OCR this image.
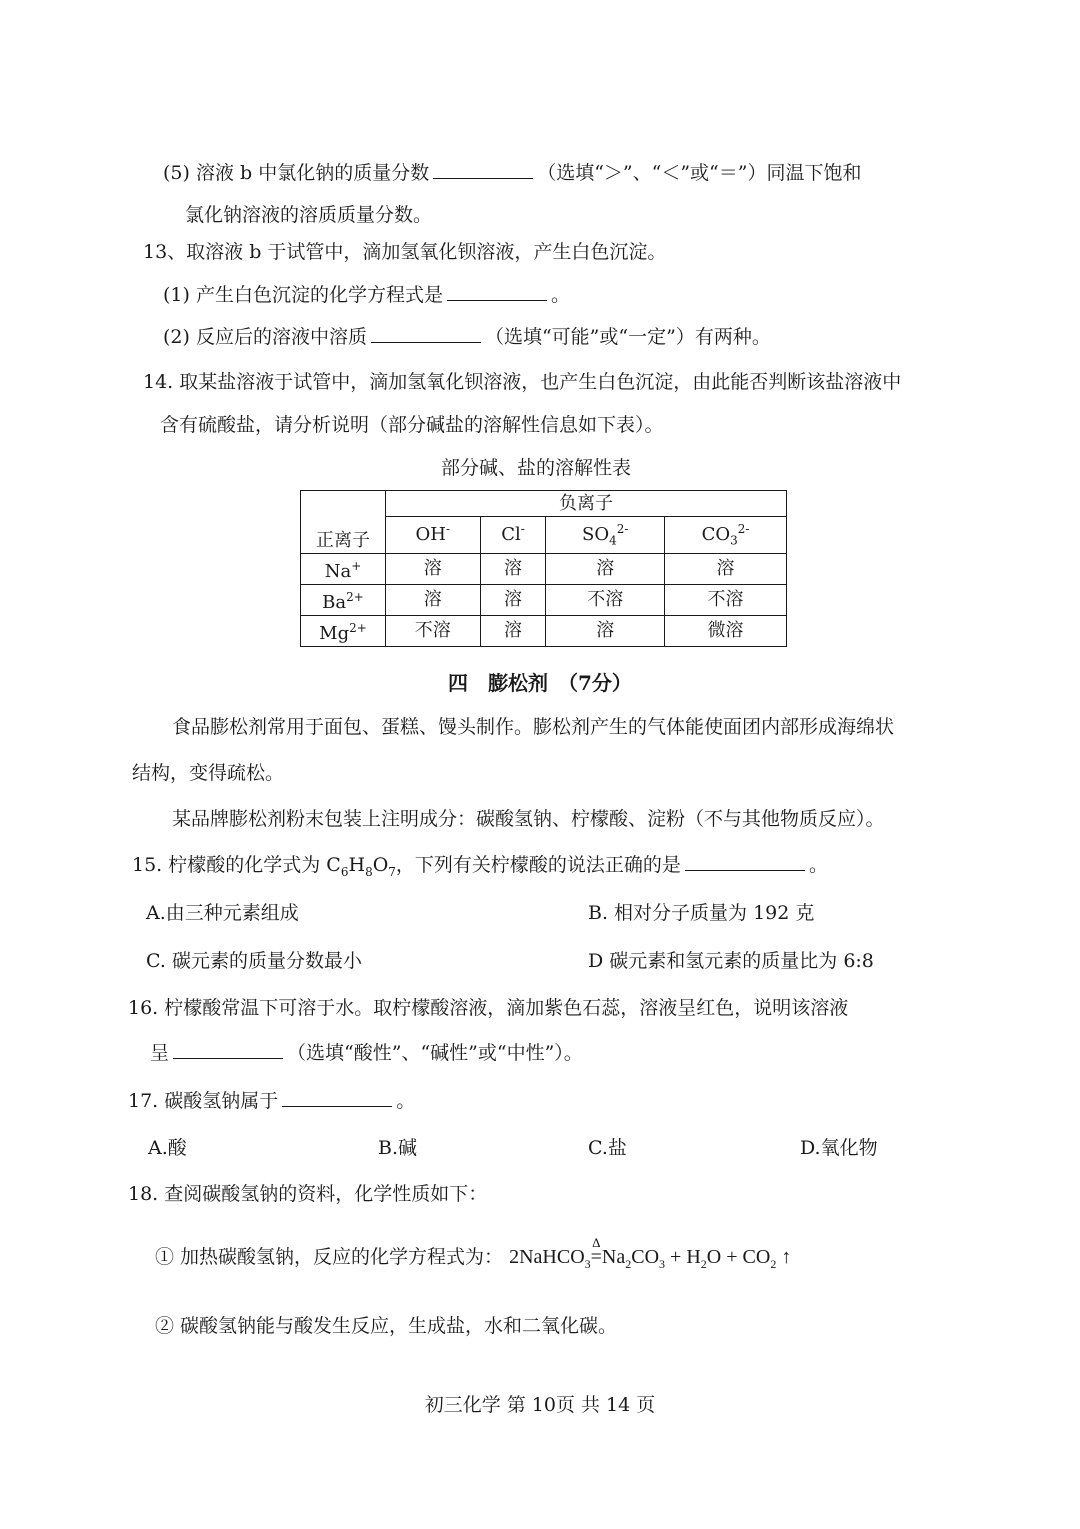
(5) 溶液 b 中氯化钠的质量分数	（选填“＞”、“＜”或“＝”）同温下饱和
氯化钠溶液的溶质质量分数。
13、取溶液 b 于试管中，滴加氢氧化钡溶液，产生白色沉淀。
(1) 产生白色沉淀的化学方程式是	。
(2) 反应后的溶液中溶质	（选填“可能”或“一定”）有两种。
14. 取某盐溶液于试管中，滴加氢氧化钡溶液，也产生白色沉淀，由此能否判断该盐溶液中
含有硫酸盐，请分析说明（部分碱盐的溶解性信息如下表）。
部分碱、盐的溶解性表
正离子	负离子			
	OH-	Cl-	$SO_4^{2-}$	$CO_3^{2-}$
Na+	溶	溶	溶	溶
$Ba^{2+}$	溶	溶	不溶	不溶
$Mg^{2+}$	不溶	溶	溶	微溶
四　膨松剂　（7分）
食品膨松剂常用于面包、蛋糕、馒头制作。膨松剂产生的气体能使面团内部形成海绵状
结构，变得疏松。
某品牌膨松剂粉末包装上注明成分：碳酸氢钠、柠檬酸、淀粉（不与其他物质反应）。
15. 柠檬酸的化学式为 $C_6H_8O_7$，下列有关柠檬酸的说法正确的是	。
A.由三种元素组成	B. 相对分子质量为 192 克
C. 碳元素的质量分数最小	D 碳元素和氢元素的质量比为 6:8
16. 柠檬酸常温下可溶于水。取柠檬酸溶液，滴加紫色石蕊，溶液呈红色，说明该溶液
呈	（选填“酸性”、“碱性”或“中性”）。
17. 碳酸氢钠属于	。
A.酸	B.碱	C.盐	D.氧化物
18. 查阅碳酸氢钠的资料，化学性质如下：
① 加热碳酸氢钠，反应的化学方程式为： 2NaHCO$_3$
Δ
$=Na_2CO_3 + H_2O + CO_2$ ↑
② 碳酸氢钠能与酸发生反应，生成盐，水和二氧化碳。
初三化学 第 10页 共 14 页
